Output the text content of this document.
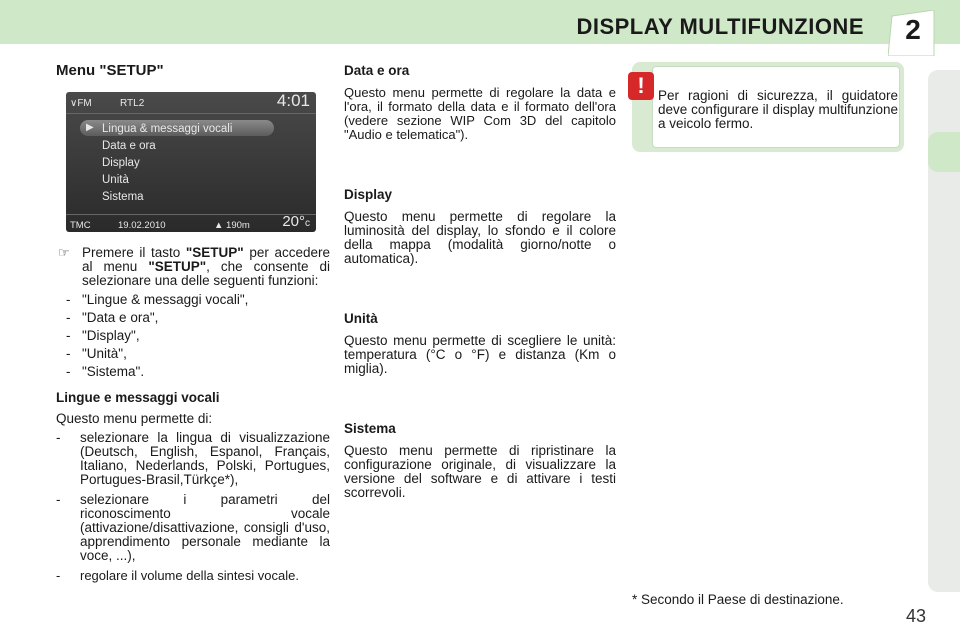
DISPLAY MULTIFUNZIONE	2
Menu "SETUP"
∨​FM	RTL2	4:01
▶ Lingua & messaggi vocali
Data e ora
Display
Unità
Sistema
TMC	19.02.2010	▲ 190m 20°c
☞ Premere il tasto "SETUP" per accedere al menu "SETUP", che consente di selezionare una delle seguenti funzioni:
- "Lingue & messaggi vocali",
- "Data e ora",
- "Display",
- "Unità",
- "Sistema".
Lingue e messaggi vocali
Questo menu permette di:
- selezionare la lingua di visualizzazione (Deutsch, English, Espanol, Français, Italiano, Nederlands, Polski, Portugues, Portugues-Brasil,Türkçe*),
- selezionare i parametri del riconoscimento vocale (attivazione/disattivazione, consigli d'uso, apprendimento personale mediante la voce, ...),
- regolare il volume della sintesi vocale.
Data e ora
Questo menu permette di regolare la data e l'ora, il formato della data e il formato dell'ora (vedere sezione WIP Com 3D del capitolo "Audio e telematica").
Display
Questo menu permette di regolare la luminosità del display, lo sfondo e il colore della mappa (modalità giorno/notte o automatica).
Unità
Questo menu permette di scegliere le unità: temperatura (°C o °F) e distanza (Km o miglia).
Sistema
Questo menu permette di ripristinare la configurazione originale, di visualizzare la versione del software e di attivare i testi scorrevoli.
! Per ragioni di sicurezza, il guidatore deve configurare il display multifunzione a veicolo fermo.
* Secondo il Paese di destinazione.
43
